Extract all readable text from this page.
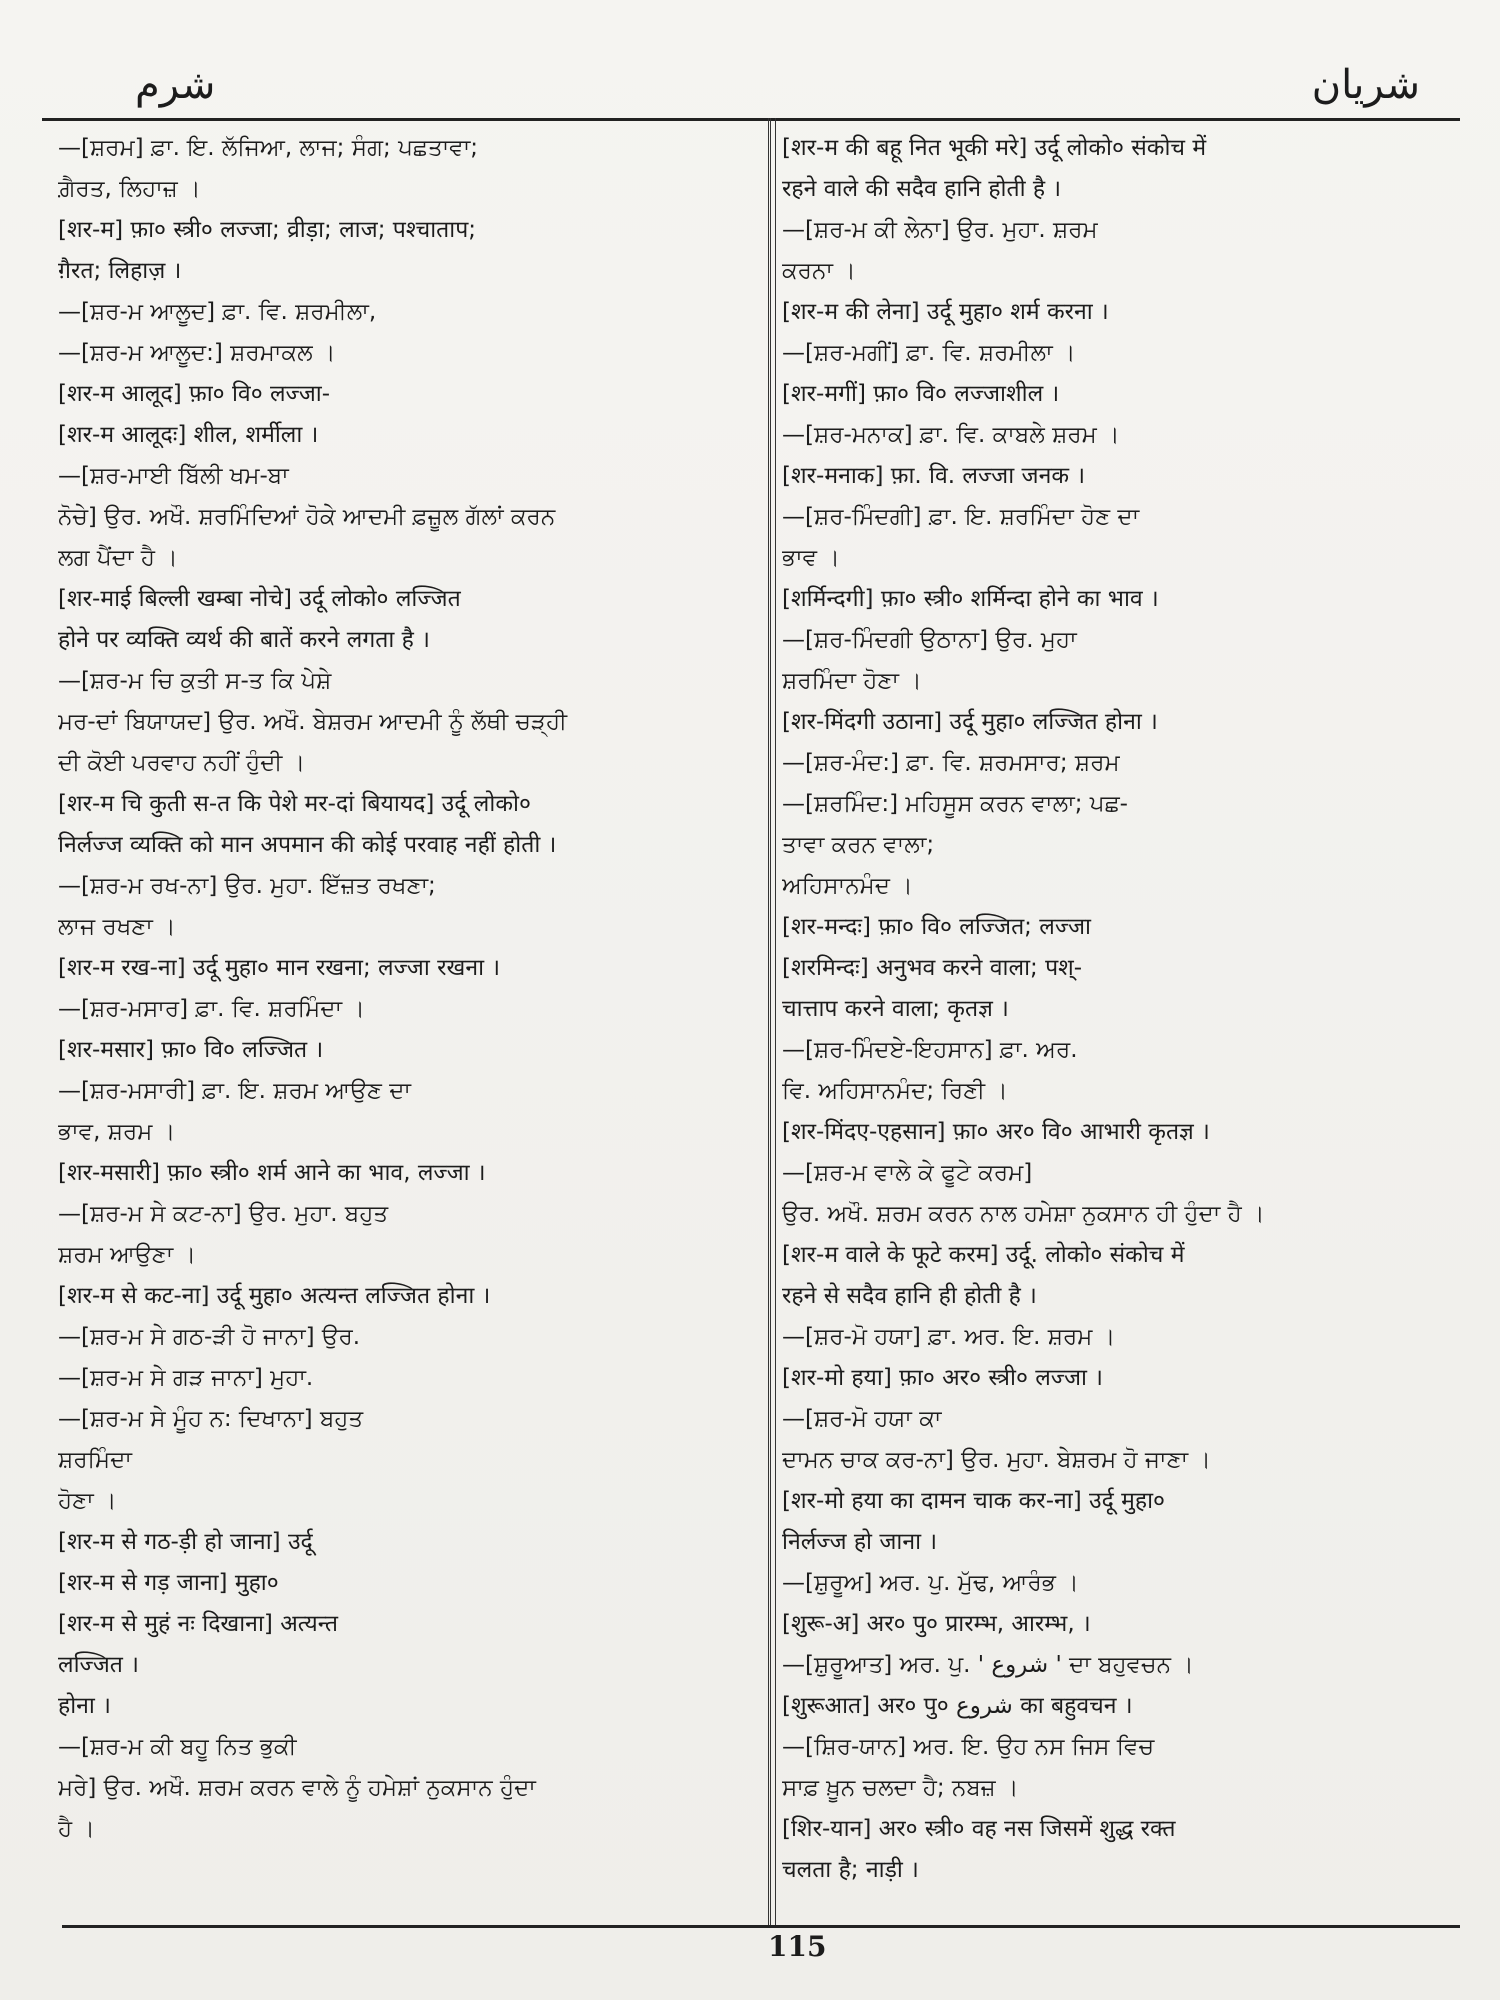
شرم	شریان
—[ਸ਼ਰਮ] ਫ਼ਾ. ਇ. ਲੱਜਿਆ, ਲਾਜ; ਸੰਗ; ਪਛਤਾਵਾ;
ਗ਼ੈਰਤ, ਲਿਹਾਜ਼ ।
[शर-म] फ़ा० स्त्री० लज्जा; व्रीड़ा; लाज; पश्चाताप;
ग़ैरत; लिहाज़ ।
—[ਸ਼ਰ-ਮ ਆਲੂਦ] ਫ਼ਾ. ਵਿ. ਸ਼ਰਮੀਲਾ,
—[ਸ਼ਰ-ਮ ਆਲੂਦ:] ਸ਼ਰਮਾਕਲ ।
[शर-म आलूद] फ़ा० वि० लज्जा-
[शर-म आलूदः] शील, शर्मीला ।
—[ਸ਼ਰ-ਮਾਈ ਬਿੱਲੀ ਖਮ-ਬਾ
ਨੋਚੇ] ਉਰ. ਅਖੌ. ਸ਼ਰਮਿੰਦਿਆਂ ਹੋਕੇ ਆਦਮੀ ਫ਼ਜ਼ੂਲ ਗੱਲਾਂ ਕਰਨ
ਲਗ ਪੈਂਦਾ ਹੈ ।
[शर-माई बिल्ली खम्बा नोचे] उर्दू लोको० लज्जित
होने पर व्यक्ति व्यर्थ की बातें करने लगता है ।
—[ਸ਼ਰ-ਮ ਚਿ ਕੁਤੀ ਸ-ਤ ਕਿ ਪੇਸ਼ੇ
ਮਰ-ਦਾਂ ਬਿਯਾਯਦ] ਉਰ. ਅਖੌ. ਬੇਸ਼ਰਮ ਆਦਮੀ ਨੂੰ ਲੱਥੀ ਚੜ੍ਹੀ
ਦੀ ਕੋਈ ਪਰਵਾਹ ਨਹੀਂ ਹੁੰਦੀ ।
[शर-म चि कुती स-त कि पेशे मर-दां बियायद] उर्दू लोको०
निर्लज्ज व्यक्ति को मान अपमान की कोई परवाह नहीं होती ।
—[ਸ਼ਰ-ਮ ਰਖ-ਨਾ] ਉਰ. ਮੁਹਾ. ਇੱਜ਼ਤ ਰਖਣਾ;
ਲਾਜ ਰਖਣਾ ।
[शर-म रख-ना] उर्दू मुहा० मान रखना; लज्जा रखना ।
—[ਸ਼ਰ-ਮਸਾਰ] ਫ਼ਾ. ਵਿ. ਸ਼ਰਮਿੰਦਾ ।
[शर-मसार] फ़ा० वि० लज्जित ।
—[ਸ਼ਰ-ਮਸਾਰੀ] ਫ਼ਾ. ਇ. ਸ਼ਰਮ ਆਉਣ ਦਾ
ਭਾਵ, ਸ਼ਰਮ ।
[शर-मसारी] फ़ा० स्त्री० शर्म आने का भाव, लज्जा ।
—[ਸ਼ਰ-ਮ ਸੇ ਕਟ-ਨਾ] ਉਰ. ਮੁਹਾ. ਬਹੁਤ
ਸ਼ਰਮ ਆਉਣਾ ।
[शर-म से कट-ना] उर्दू मुहा० अत्यन्त लज्जित होना ।
—[ਸ਼ਰ-ਮ ਸੇ ਗਠ-ੜੀ ਹੋ ਜਾਨਾ] ਉਰ.
—[ਸ਼ਰ-ਮ ਸੇ ਗੜ ਜਾਨਾ] ਮੁਹਾ.
—[ਸ਼ਰ-ਮ ਸੇ ਮੂੰਹ ਨ: ਦਿਖਾਨਾ] ਬਹੁਤ
ਸ਼ਰਮਿੰਦਾ
ਹੋਣਾ ।
[शर-म से गठ-ड़ी हो जाना] उर्दू
[शर-म से गड़ जाना] मुहा०
[शर-म से मुहं नः दिखाना] अत्यन्त
लज्जित ।
होना ।
—[ਸ਼ਰ-ਮ ਕੀ ਬਹੂ ਨਿਤ ਭੁਕੀ
ਮਰੇ] ਉਰ. ਅਖੌ. ਸ਼ਰਮ ਕਰਨ ਵਾਲੇ ਨੂੰ ਹਮੇਸ਼ਾਂ ਨੁਕਸਾਨ ਹੁੰਦਾ
ਹੈ ।
[शर-म की बहू नित भूकी मरे] उर्दू लोको० संकोच में
रहने वाले की सदैव हानि होती है ।
—[ਸ਼ਰ-ਮ ਕੀ ਲੇਨਾ] ਉਰ. ਮੁਹਾ. ਸ਼ਰਮ
ਕਰਨਾ ।
[शर-म की लेना] उर्दू मुहा० शर्म करना ।
—[ਸ਼ਰ-ਮਗੀਂ] ਫ਼ਾ. ਵਿ. ਸ਼ਰਮੀਲਾ ।
[शर-मगीं] फ़ा० वि० लज्जाशील ।
—[ਸ਼ਰ-ਮਨਾਕ] ਫ਼ਾ. ਵਿ. ਕਾਬਲੇ ਸ਼ਰਮ ।
[शर-मनाक] फ़ा. वि. लज्जा जनक ।
—[ਸ਼ਰ-ਮਿੰਦਗੀ] ਫ਼ਾ. ਇ. ਸ਼ਰਮਿੰਦਾ ਹੋਣ ਦਾ
ਭਾਵ ।
[शर्मिन्दगी] फ़ा० स्त्री० शर्मिन्दा होने का भाव ।
—[ਸ਼ਰ-ਮਿੰਦਗੀ ਉਠਾਨਾ] ਉਰ. ਮੁਹਾ
ਸ਼ਰਮਿੰਦਾ ਹੋਣਾ ।
[शर-मिंदगी उठाना] उर्दू मुहा० लज्जित होना ।
—[ਸ਼ਰ-ਮੰਦ:] ਫ਼ਾ. ਵਿ. ਸ਼ਰਮਸਾਰ; ਸ਼ਰਮ
—[ਸ਼ਰਮਿੰਦ:] ਮਹਿਸੂਸ ਕਰਨ ਵਾਲਾ; ਪਛ-
ਤਾਵਾ ਕਰਨ ਵਾਲਾ;
ਅਹਿਸਾਨਮੰਦ ।
[शर-मन्दः] फ़ा० वि० लज्जित; लज्जा
[शरमिन्दः] अनुभव करने वाला; पश्-
चात्ताप करने वाला; कृतज्ञ ।
—[ਸ਼ਰ-ਮਿੰਦਏ-ਇਹਸਾਨ] ਫ਼ਾ. ਅਰ.
ਵਿ. ਅਹਿਸਾਨਮੰਦ; ਰਿਣੀ ।
[शर-मिंदए-एहसान] फ़ा० अर० वि० आभारी कृतज्ञ ।
—[ਸ਼ਰ-ਮ ਵਾਲੇ ਕੇ ਫੂਟੇ ਕਰਮ]
ਉਰ. ਅਖੌ. ਸ਼ਰਮ ਕਰਨ ਨਾਲ ਹਮੇਸ਼ਾ ਨੁਕਸਾਨ ਹੀ ਹੁੰਦਾ ਹੈ ।
[शर-म वाले के फूटे करम] उर्दू. लोको० संकोच में
रहने से सदैव हानि ही होती है ।
—[ਸ਼ਰ-ਮੋ ਹਯਾ] ਫ਼ਾ. ਅਰ. ਇ. ਸ਼ਰਮ ।
[शर-मो हया] फ़ा० अर० स्त्री० लज्जा ।
—[ਸ਼ਰ-ਮੋ ਹਯਾ ਕਾ
ਦਾਮਨ ਚਾਕ ਕਰ-ਨਾ] ਉਰ. ਮੁਹਾ. ਬੇਸ਼ਰਮ ਹੋ ਜਾਣਾ ।
[शर-मो हया का दामन चाक कर-ना] उर्दू मुहा०
निर्लज्ज हो जाना ।
—[ਸ਼ੁਰੂਅ] ਅਰ. ਪੁ. ਮੁੱਢ, ਆਰੰਭ ।
[शुरू-अ] अर० पु० प्रारम्भ, आरम्भ, ।
—[ਸ਼ੁਰੂਆਤ] ਅਰ. ਪੁ. ' شروع ' ਦਾ ਬਹੁਵਚਨ ।
[शुरूआत] अर० पु० شروع का बहुवचन ।
—[ਸ਼ਿਰ-ਯਾਨ] ਅਰ. ਇ. ਉਹ ਨਸ ਜਿਸ ਵਿਚ
ਸਾਫ਼ ਖ਼ੂਨ ਚਲਦਾ ਹੈ; ਨਬਜ਼ ।
[शिर-यान] अर० स्त्री० वह नस जिसमें शुद्ध रक्त
चलता है; नाड़ी ।
115
